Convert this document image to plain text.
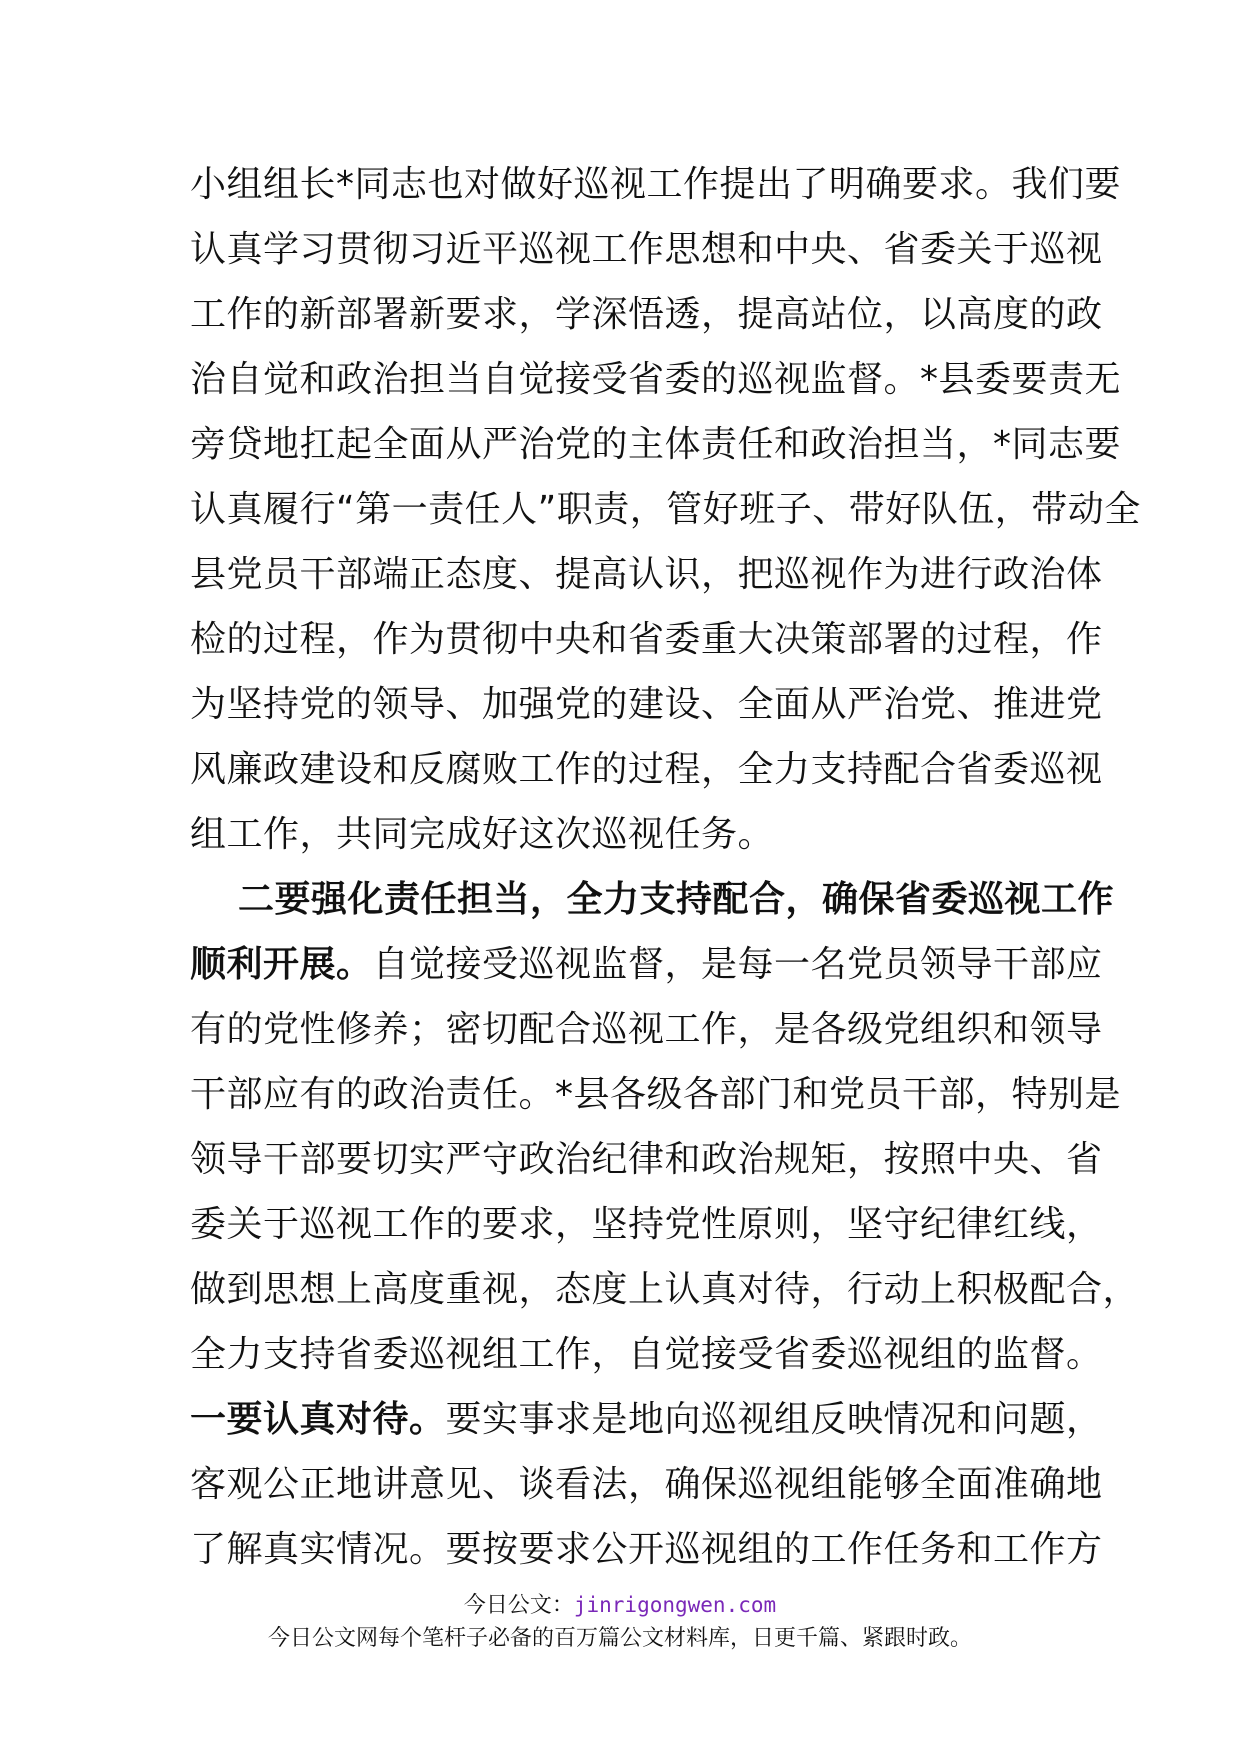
小组组长*同志也对做好巡视工作提出了明确要求。我们要
认真学习贯彻习近平巡视工作思想和中央、省委关于巡视
工作的新部署新要求，学深悟透，提高站位，以高度的政
治自觉和政治担当自觉接受省委的巡视监督。*县委要责无
旁贷地扛起全面从严治党的主体责任和政治担当，*同志要
认真履行“第一责任人”职责，管好班子、带好队伍，带动全
县党员干部端正态度、提高认识，把巡视作为进行政治体
检的过程，作为贯彻中央和省委重大决策部署的过程，作
为坚持党的领导、加强党的建设、全面从严治党、推进党
风廉政建设和反腐败工作的过程，全力支持配合省委巡视
组工作，共同完成好这次巡视任务。
二要强化责任担当，全力支持配合，确保省委巡视工作
顺利开展。自觉接受巡视监督，是每一名党员领导干部应
有的党性修养；密切配合巡视工作，是各级党组织和领导
干部应有的政治责任。*县各级各部门和党员干部，特别是
领导干部要切实严守政治纪律和政治规矩，按照中央、省
委关于巡视工作的要求，坚持党性原则，坚守纪律红线，
做到思想上高度重视，态度上认真对待，行动上积极配合，
全力支持省委巡视组工作，自觉接受省委巡视组的监督。
一要认真对待。要实事求是地向巡视组反映情况和问题，
客观公正地讲意见、谈看法，确保巡视组能够全面准确地
了解真实情况。要按要求公开巡视组的工作任务和工作方
今日公文：jinrigongwen.com
今日公文网每个笔杆子必备的百万篇公文材料库，日更千篇、紧跟时政。
